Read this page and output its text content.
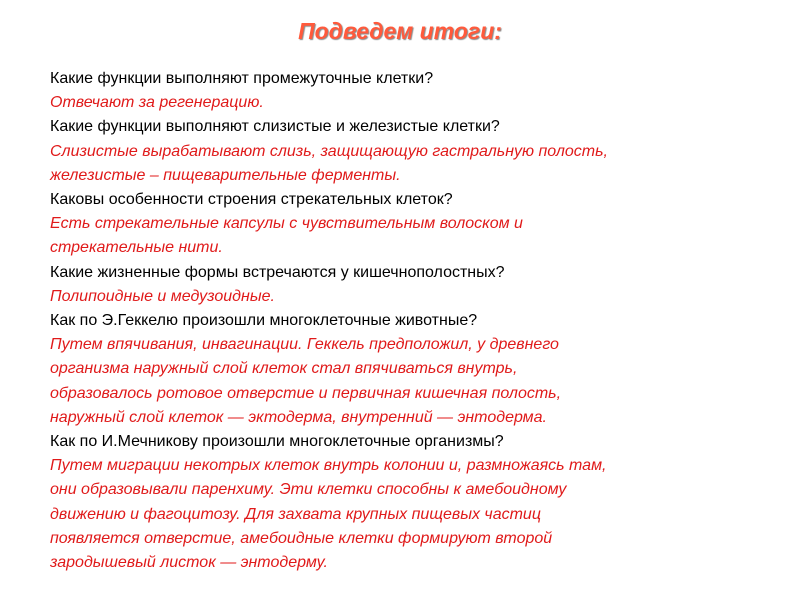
Подведем итоги:
Какие функции выполняют промежуточные клетки?
Отвечают за регенерацию.
Какие функции выполняют слизистые и железистые клетки?
Слизистые вырабатывают слизь, защищающую гастральную полость,
железистые – пищеварительные ферменты.
Каковы особенности строения стрекательных клеток?
Есть стрекательные капсулы с чувствительным волоском и
стрекательные нити.
Какие жизненные формы встречаются у кишечнополостных?
Полипоидные и медузоидные.
Как по Э.Геккелю произошли многоклеточные животные?
Путем впячивания, инвагинации. Геккель предположил, у древнего
организма наружный слой клеток стал впячиваться внутрь,
образовалось ротовое отверстие и первичная кишечная полость,
наружный слой клеток — эктодерма, внутренний — энтодерма.
Как по И.Мечникову произошли многоклеточные организмы?
Путем миграции некотрых клеток внутрь колонии и, размножаясь там,
они образовывали паренхиму. Эти клетки способны к амебоидному
движению и фагоцитозу. Для захвата крупных пищевых частиц
появляется отверстие, амебоидные клетки формируют второй
зародышевый листок — энтодерму.
